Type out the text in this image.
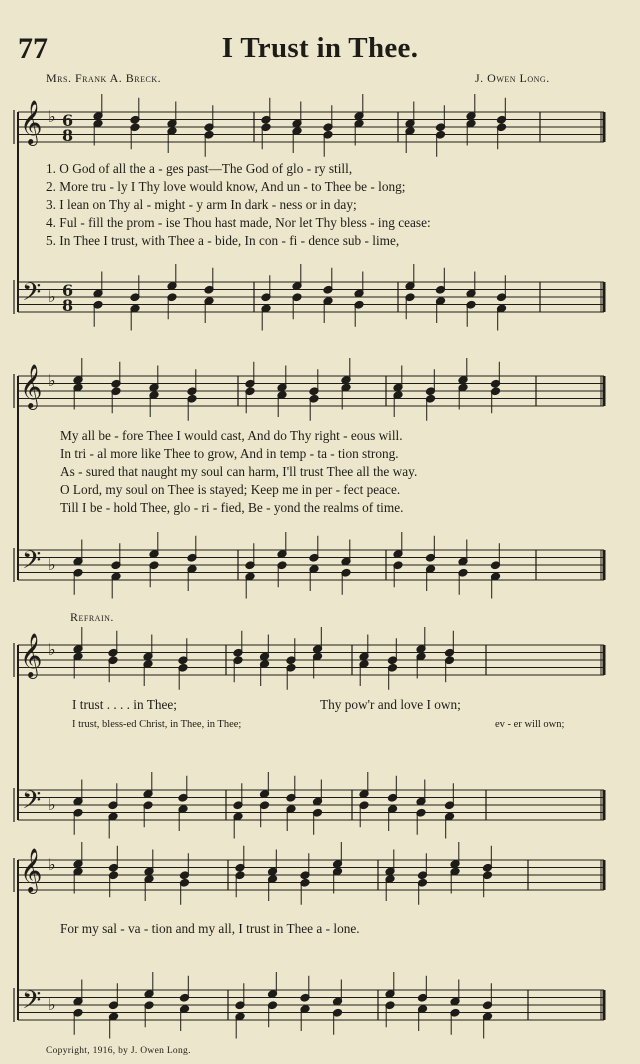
77	I Trust in Thee.
Mrs. Frank A. Breck.	J. Owen Long.
𝄞
𝄢
♭
♭
6
8
6
8
𝄞
𝄢
♭
♭
𝄞
𝄢
♭
♭
𝄞
𝄢
♭
♭
1. O God of all the a - ges past—The God of glo - ry still,
2. More tru - ly I Thy love would know, And un - to Thee be - long;
3. I lean on Thy al - might - y arm In dark - ness or in day;
4. Ful - fill the prom - ise Thou hast made, Nor let Thy bless - ing cease:
5. In Thee I trust, with Thee a - bide, In con - fi - dence sub - lime,
My all be - fore Thee I would cast, And do Thy right - eous will.
In tri - al more like Thee to grow, And in temp - ta - tion strong.
As - sured that naught my soul can harm, I'll trust Thee all the way.
O Lord, my soul on Thee is stayed; Keep me in per - fect peace.
Till I be - hold Thee, glo - ri - fied, Be - yond the realms of time.
Refrain.
I trust . . . . in Thee;	Thy pow'r and love I own;
I trust, bless-ed Christ, in Thee, in Thee;	ev - er will own;
For my sal - va - tion and my all, I trust in Thee a - lone.
Copyright, 1916, by J. Owen Long.
